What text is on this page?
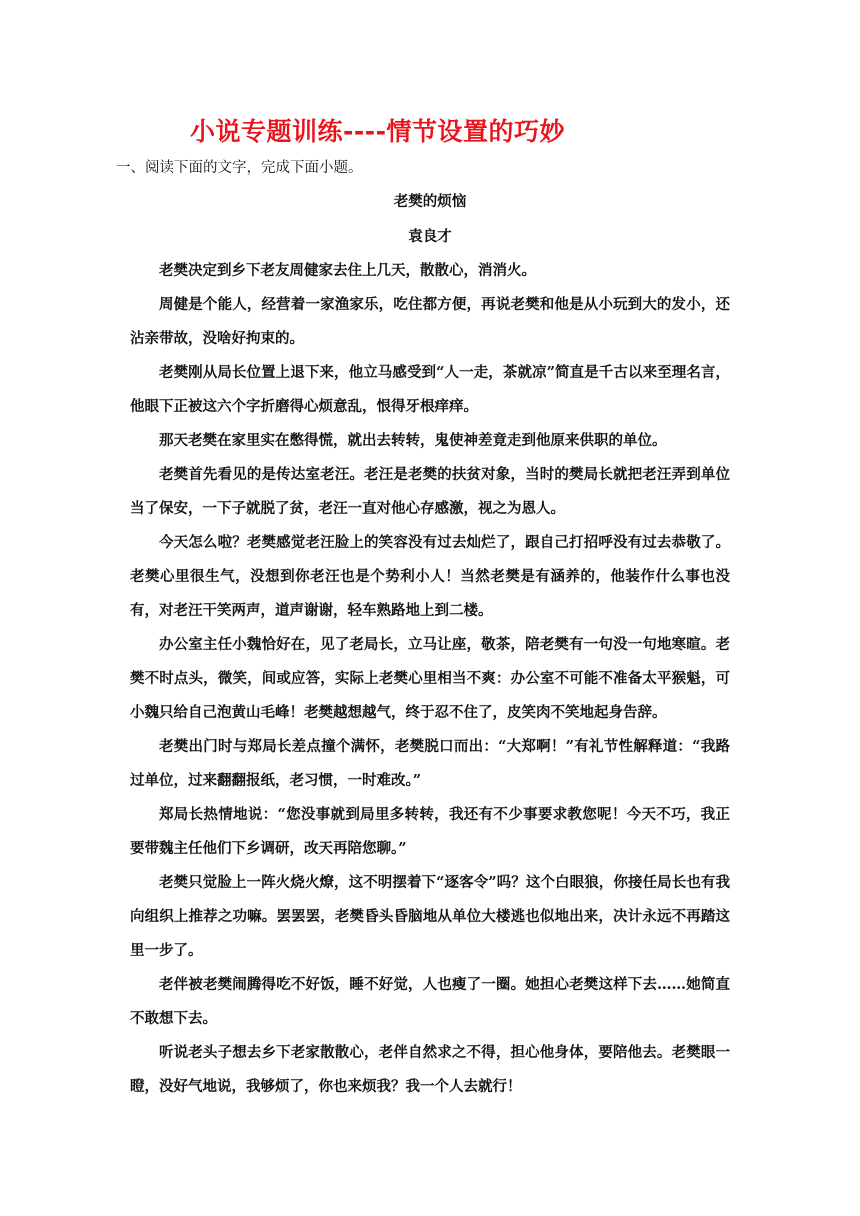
小说专题训练----情节设置的巧妙

一、阅读下面的文字，完成下面小题。

老樊的烦恼

袁良才

老樊决定到乡下老友周健家去住上几天，散散心，消消火。

周健是个能人，经营着一家渔家乐，吃住都方便，再说老樊和他是从小玩到大的发小，还沾亲带故，没啥好拘束的。

老樊刚从局长位置上退下来，他立马感受到“人一走，茶就凉”简直是千古以来至理名言，他眼下正被这六个字折磨得心烦意乱，恨得牙根痒痒。

那天老樊在家里实在憋得慌，就出去转转，鬼使神差竟走到他原来供职的单位。

老樊首先看见的是传达室老汪。老汪是老樊的扶贫对象，当时的樊局长就把老汪弄到单位当了保安，一下子就脱了贫，老汪一直对他心存感激，视之为恩人。

今天怎么啦？老樊感觉老汪脸上的笑容没有过去灿烂了，跟自己打招呼没有过去恭敬了。老樊心里很生气，没想到你老汪也是个势利小人！当然老樊是有涵养的，他装作什么事也没有，对老汪干笑两声，道声谢谢，轻车熟路地上到二楼。

办公室主任小魏恰好在，见了老局长，立马让座，敬茶，陪老樊有一句没一句地寒暄。老樊不时点头，微笑，间或应答，实际上老樊心里相当不爽：办公室不可能不准备太平猴魁，可小魏只给自己泡黄山毛峰！老樊越想越气，终于忍不住了，皮笑肉不笑地起身告辞。

老樊出门时与郑局长差点撞个满怀，老樊脱口而出：“大郑啊！”有礼节性解释道：“我路过单位，过来翻翻报纸，老习惯，一时难改。”

郑局长热情地说：“您没事就到局里多转转，我还有不少事要求教您呢！今天不巧，我正要带魏主任他们下乡调研，改天再陪您聊。”

老樊只觉脸上一阵火烧火燎，这不明摆着下“逐客令”吗？这个白眼狼，你接任局长也有我向组织上推荐之功嘛。罢罢罢，老樊昏头昏脑地从单位大楼逃也似地出来，决计永远不再踏这里一步了。

老伴被老樊闹腾得吃不好饭，睡不好觉，人也瘦了一圈。她担心老樊这样下去……她简直不敢想下去。

听说老头子想去乡下老家散散心，老伴自然求之不得，担心他身体，要陪他去。老樊眼一瞪，没好气地说，我够烦了，你也来烦我？我一个人去就行！
